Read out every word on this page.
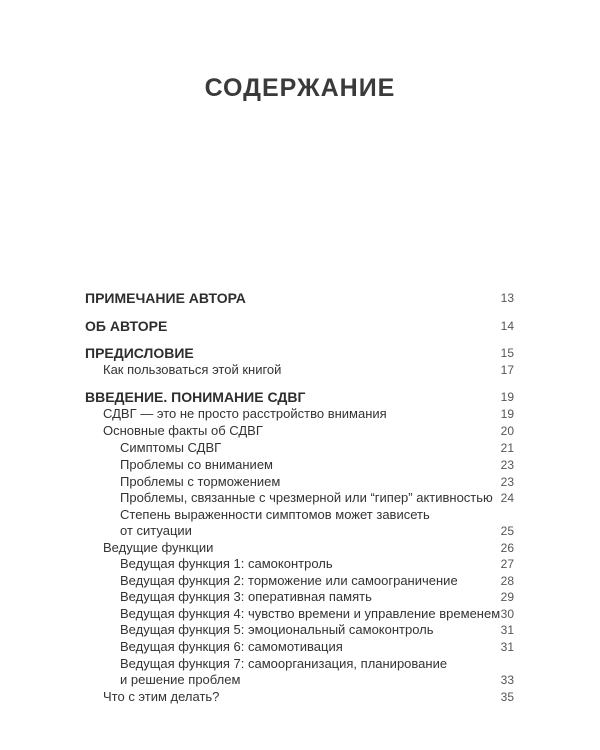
СОДЕРЖАНИЕ
ПРИМЕЧАНИЕ АВТОРА	13
ОБ АВТОРЕ	14
ПРЕДИСЛОВИЕ	15
Как пользоваться этой книгой	17
ВВЕДЕНИЕ. ПОНИМАНИЕ СДВГ	19
СДВГ — это не просто расстройство внимания	19
Основные факты об СДВГ	20
Симптомы СДВГ	21
Проблемы со вниманием	23
Проблемы с торможением	23
Проблемы, связанные с чрезмерной или “гипер” активностью 24
Степень выраженности симптомов может зависеть
от ситуации	25
Ведущие функции	26
Ведущая функция 1: самоконтроль	27
Ведущая функция 2: торможение или самоограничение	28
Ведущая функция 3: оперативная память	29
Ведущая функция 4: чувство времени и управление временем 30
Ведущая функция 5: эмоциональный самоконтроль	31
Ведущая функция 6: самомотивация	31
Ведущая функция 7: самоорганизация, планирование
и решение проблем	33
Что с этим делать?	35
